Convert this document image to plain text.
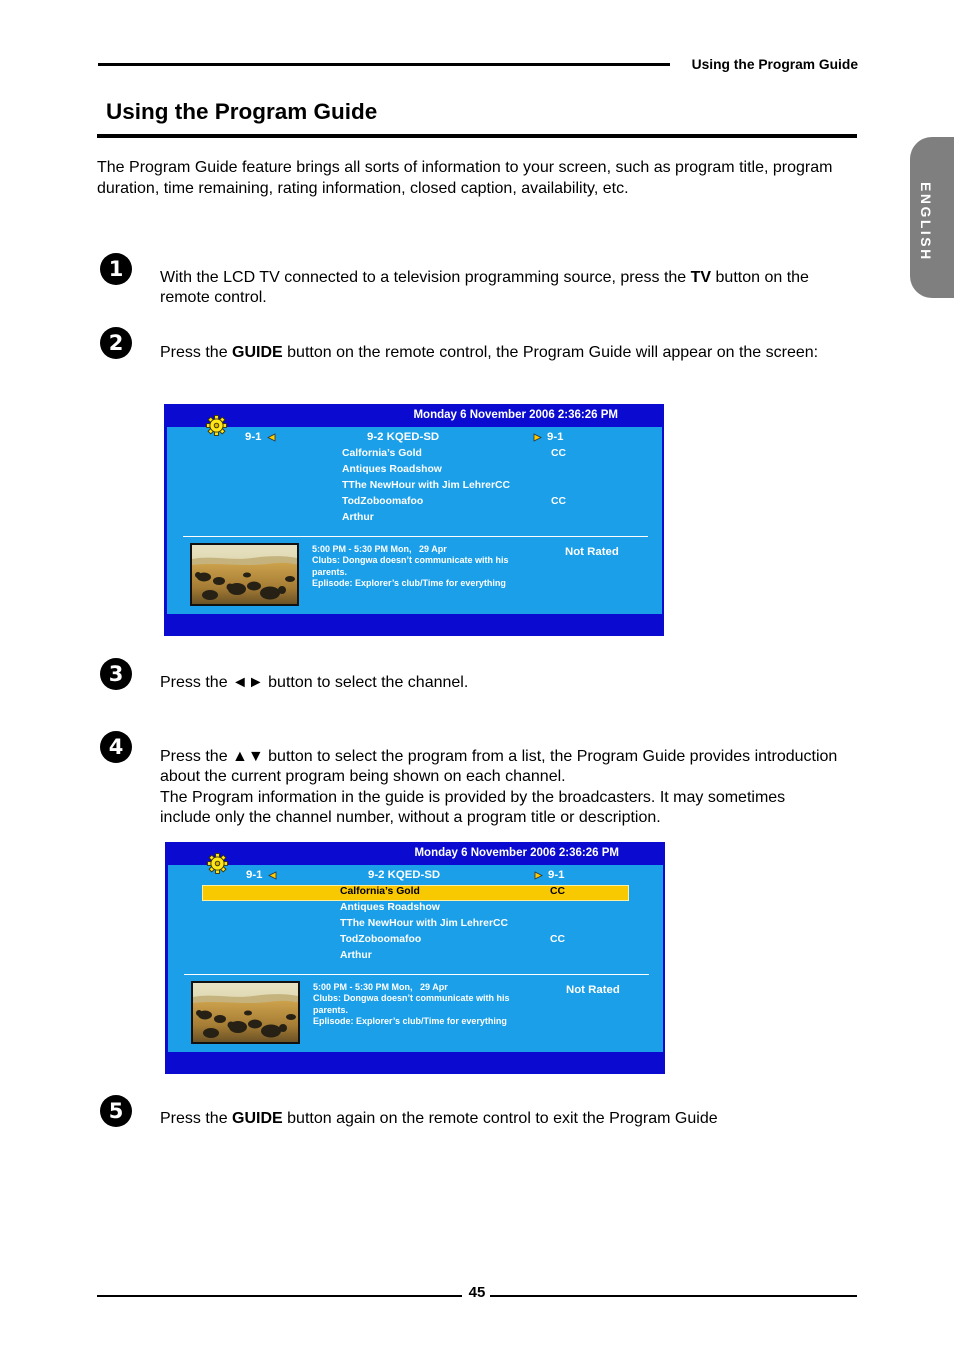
Using the Program Guide
Using the Program Guide
ENGLISH

The Program Guide feature brings all sorts of information to your screen, such as program title, program duration, time remaining, rating information, closed caption, availability, etc.

1	With the LCD TV connected to a television programming source, press the TV button on the remote control.

2	Press the GUIDE button on the remote control, the Program Guide will appear on the screen:

Monday 6 November 2006 2:36:26 PM
9-1	9-2 KQED-SD	9-1
Calfornia’s Gold	CC
Antiques Roadshow
TThe NewHour with Jim LehrerCC
TodZoboomafoo	CC
Arthur
5:00 PM - 5:30 PM Mon,   29 Apr
Clubs: Dongwa doesn’t communicate with his parents.
Eplisode: Explorer’s club/Time for everything
Not Rated
3	Press the ◄► button to select the channel.

4	Press the ▲▼ button to select the program from a list, the Program Guide provides introduction about the current program being shown on each channel.
The Program information in the guide is provided by the broadcasters. It may sometimes include only the channel number, without a program title or description.

Monday 6 November 2006 2:36:26 PM
9-1	9-2 KQED-SD	9-1
Calfornia’s Gold	CC
Antiques Roadshow
TThe NewHour with Jim LehrerCC
TodZoboomafoo	CC
Arthur
5:00 PM - 5:30 PM Mon,   29 Apr
Clubs: Dongwa doesn’t communicate with his parents.
Eplisode: Explorer’s club/Time for everything
Not Rated
5	Press the GUIDE button again on the remote control to exit the Program Guide

45
